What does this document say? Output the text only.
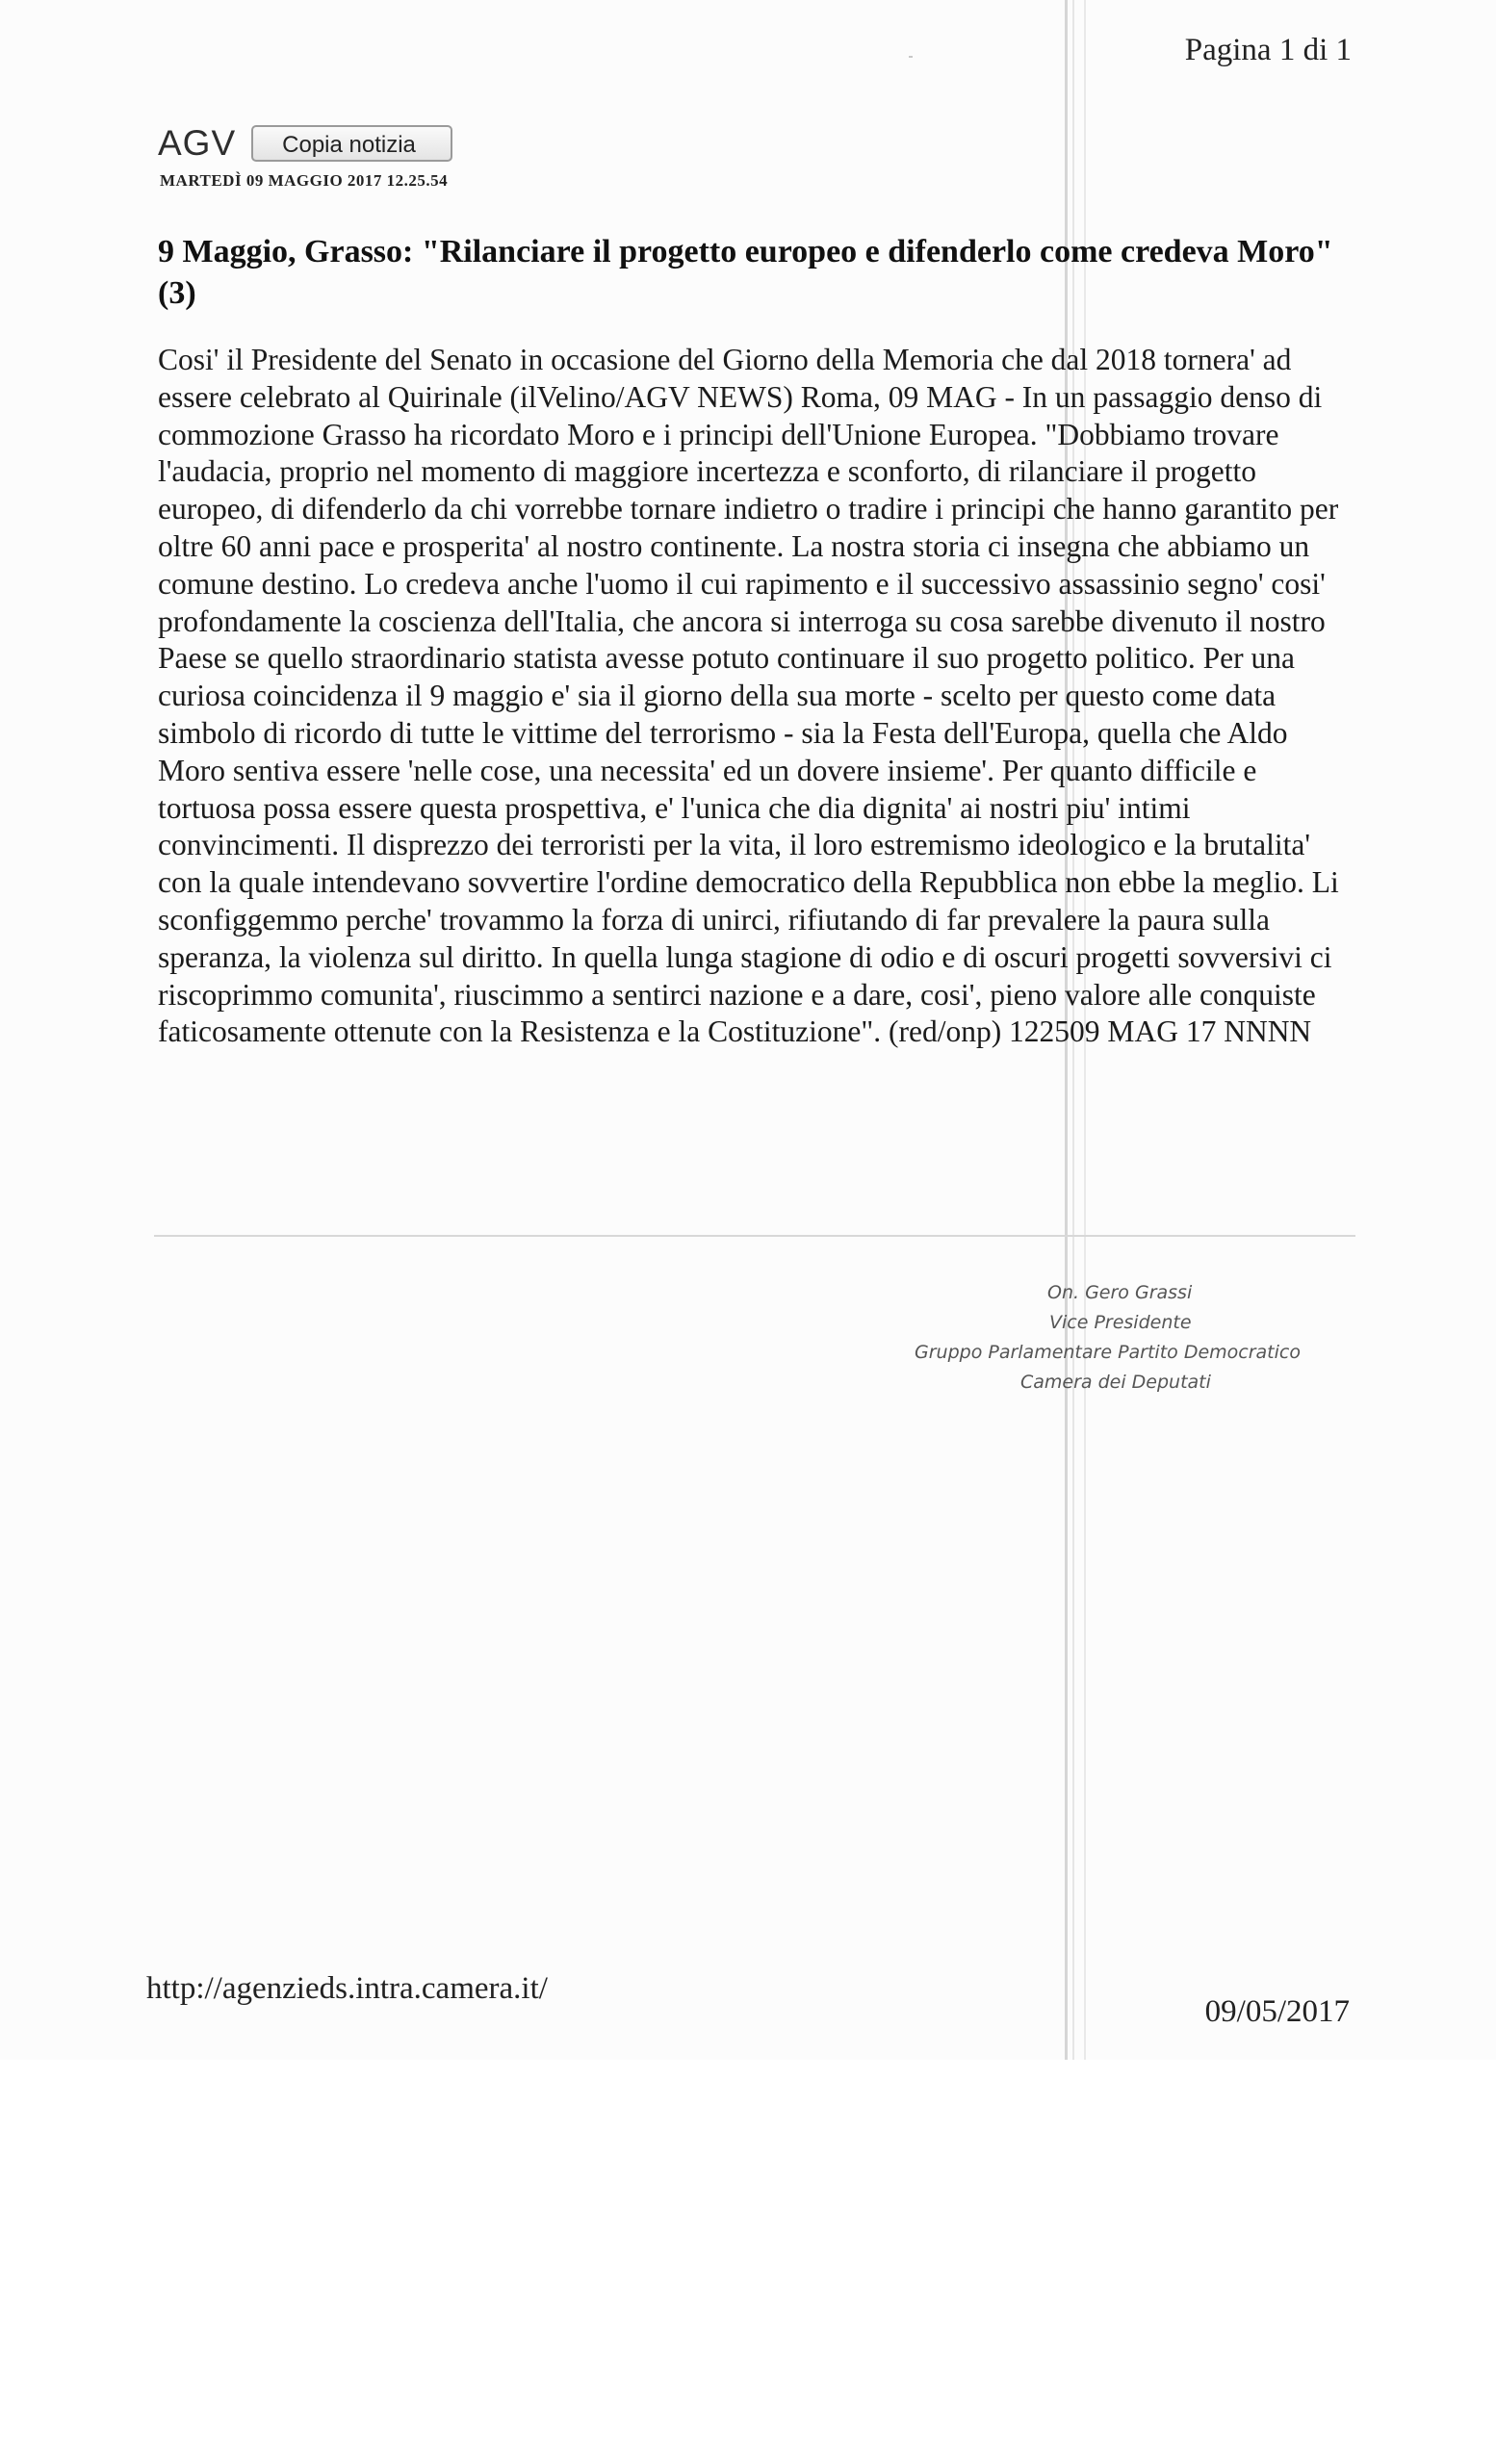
Pagina 1 di 1
AGV	Copia notizia
MARTEDÌ 09 MAGGIO 2017 12.25.54
9 Maggio, Grasso: "Rilanciare il progetto europeo e difenderlo come credeva Moro" (3)

Cosi' il Presidente del Senato in occasione del Giorno della Memoria che dal 2018 tornera' ad essere celebrato al Quirinale (ilVelino/AGV NEWS) Roma, 09 MAG - In un passaggio denso di commozione Grasso ha ricordato Moro e i principi dell'Unione Europea. "Dobbiamo trovare l'audacia, proprio nel momento di maggiore incertezza e sconforto, di rilanciare il progetto europeo, di difenderlo da chi vorrebbe tornare indietro o tradire i principi che hanno garantito per oltre 60 anni pace e prosperita' al nostro continente. La nostra storia ci insegna che abbiamo un comune destino. Lo credeva anche l'uomo il cui rapimento e il successivo assassinio segno' cosi' profondamente la coscienza dell'Italia, che ancora si interroga su cosa sarebbe divenuto il nostro Paese se quello straordinario statista avesse potuto continuare il suo progetto politico. Per una curiosa coincidenza il 9 maggio e' sia il giorno della sua morte - scelto per questo come data simbolo di ricordo di tutte le vittime del terrorismo - sia la Festa dell'Europa, quella che Aldo Moro sentiva essere 'nelle cose, una necessita' ed un dovere insieme'. Per quanto difficile e tortuosa possa essere questa prospettiva, e' l'unica che dia dignita' ai nostri piu' intimi convincimenti. Il disprezzo dei terroristi per la vita, il loro estremismo ideologico e la brutalita' con la quale intendevano sovvertire l'ordine democratico della Repubblica non ebbe la meglio. Li sconfiggemmo perche' trovammo la forza di unirci, rifiutando di far prevalere la paura sulla speranza, la violenza sul diritto. In quella lunga stagione di odio e di oscuri progetti sovversivi ci riscoprimmo comunita', riuscimmo a sentirci nazione e a dare, cosi', pieno valore alle conquiste faticosamente ottenute con la Resistenza e la Costituzione". (red/onp) 122509 MAG 17 NNNN

On. Gero Grassi
Vice Presidente
Gruppo Parlamentare Partito Democratico
Camera dei Deputati
http://agenzieds.intra.camera.it/
09/05/2017
